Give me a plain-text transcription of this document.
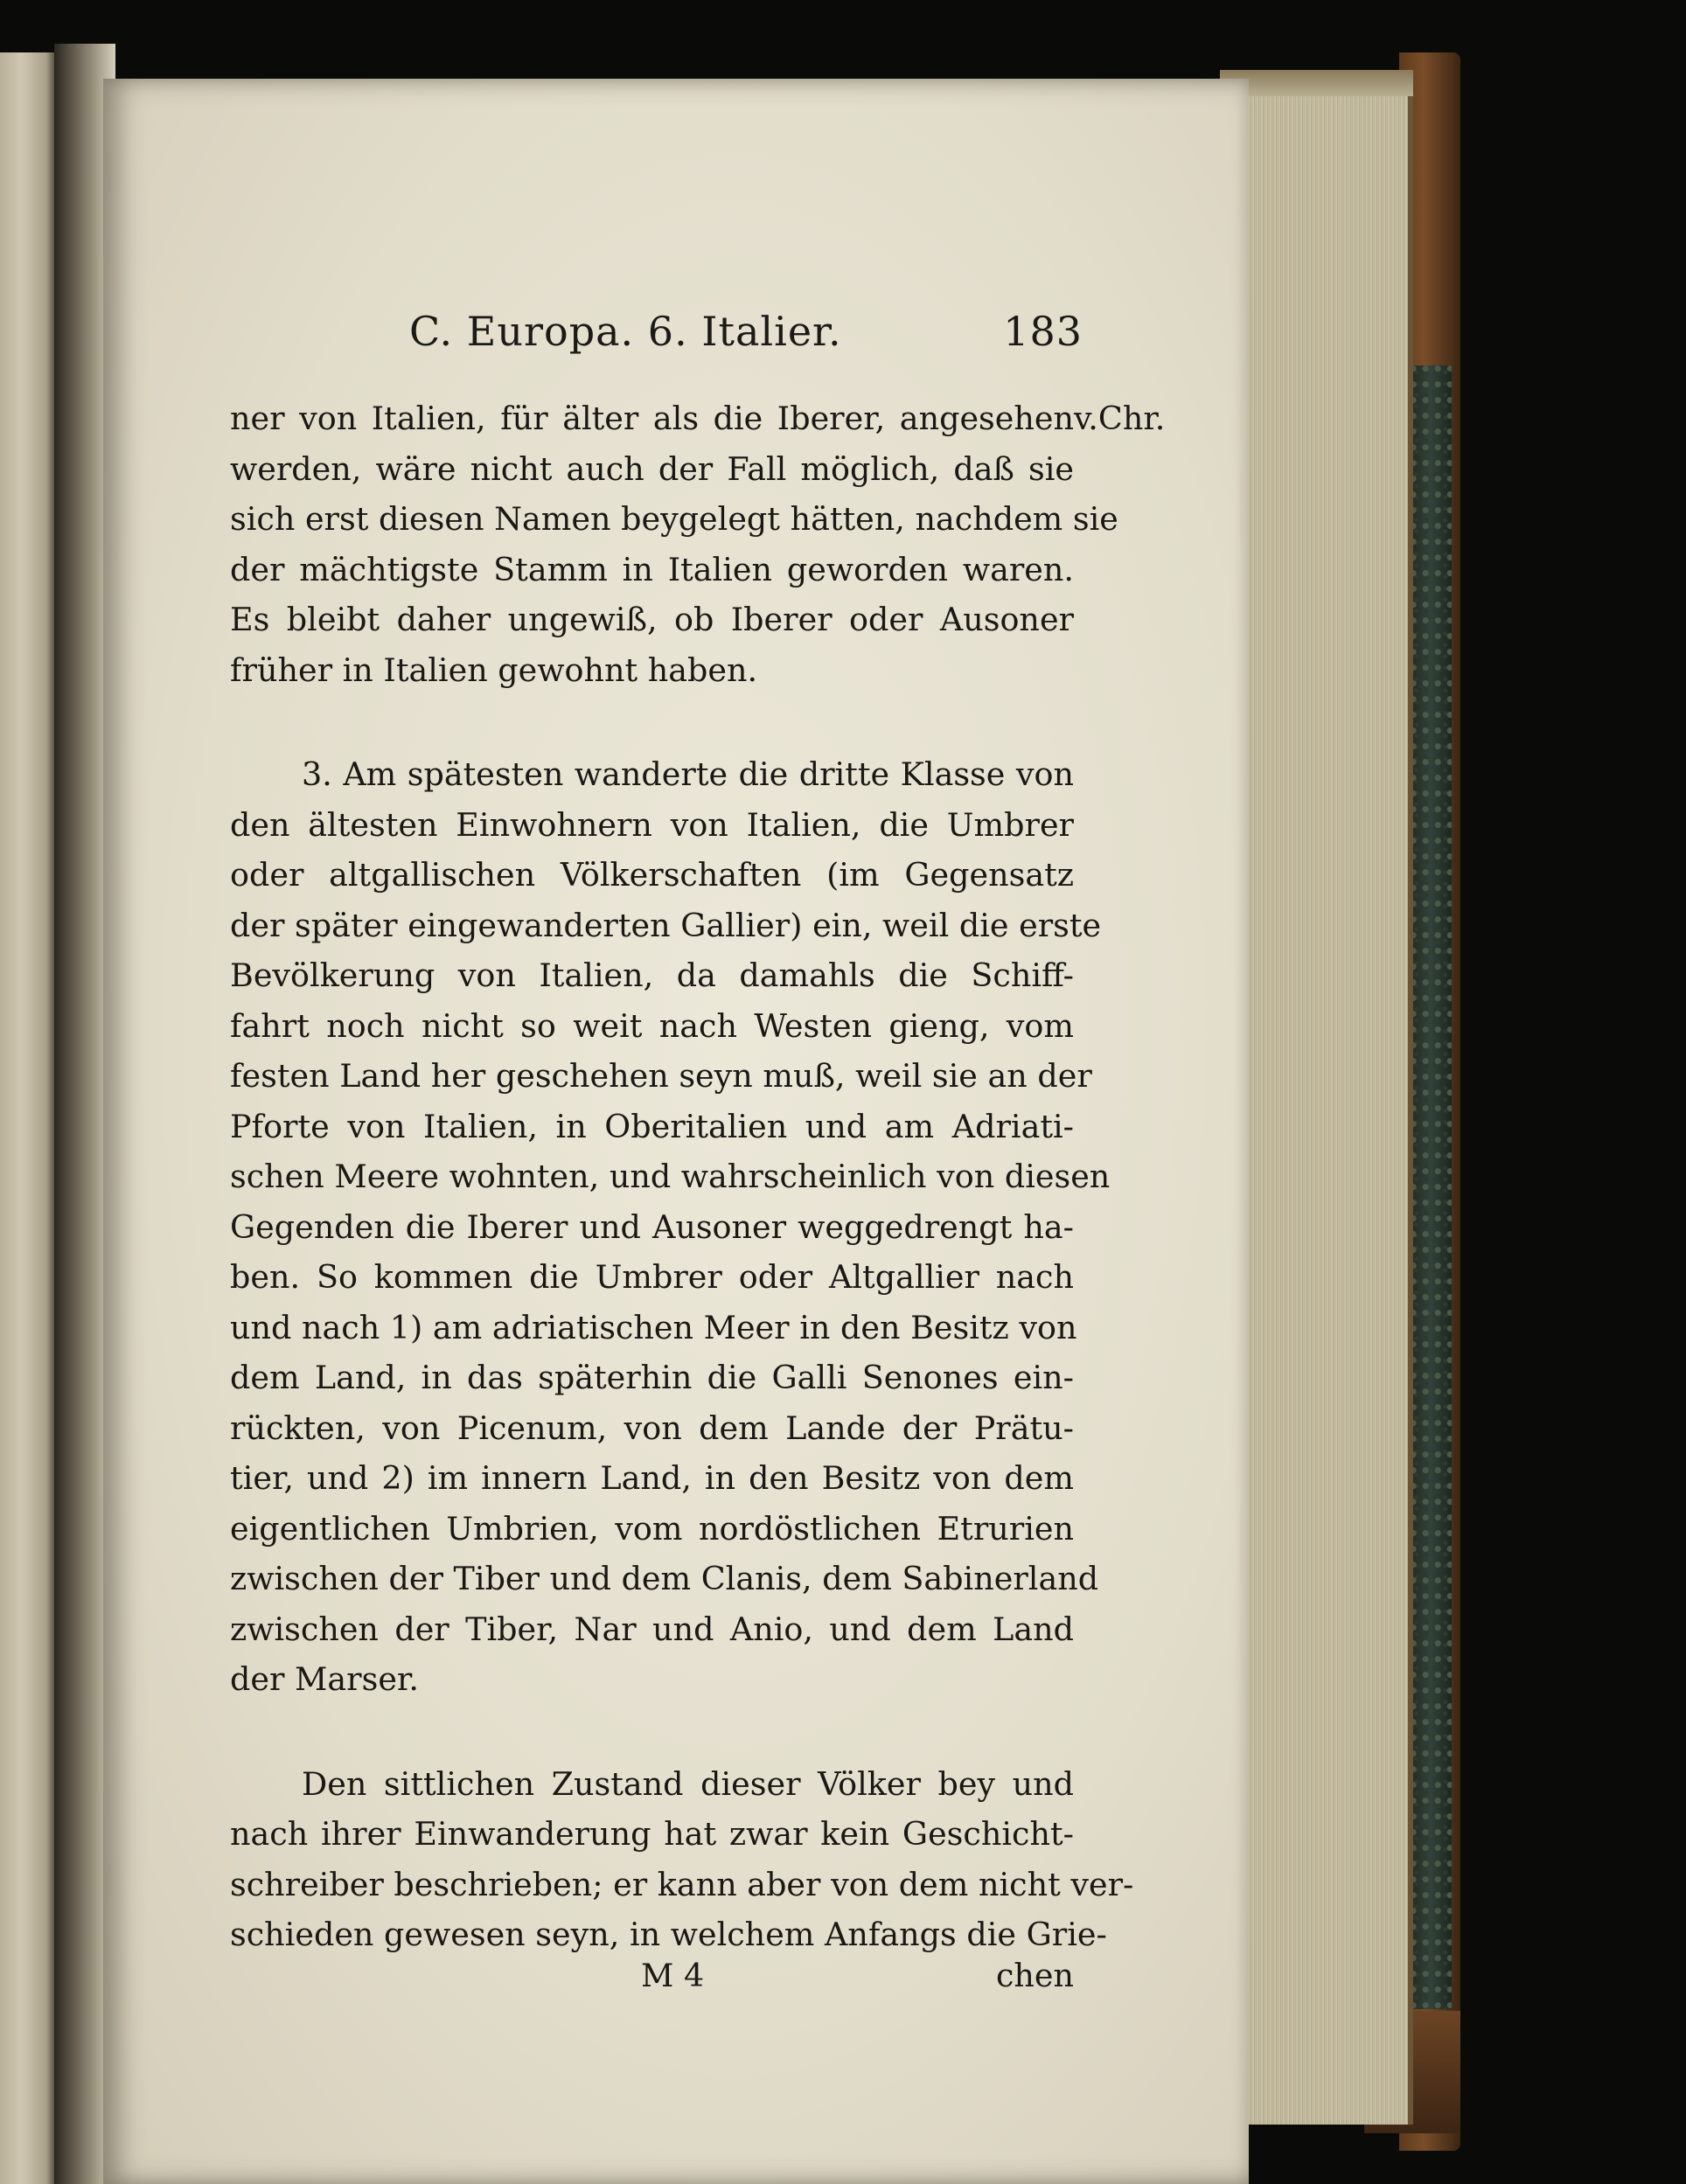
C. Europa. 6. Italier.	183
v.Chr.
ner von Italien, für älter als die Iberer, angesehen
werden, wäre nicht auch der Fall möglich, daß sie
sich erst diesen Namen beygelegt hätten, nachdem sie
der mächtigste Stamm in Italien geworden waren.
Es bleibt daher ungewiß, ob Iberer oder Ausoner
früher in Italien gewohnt haben.
3. Am spätesten wanderte die dritte Klasse von
den ältesten Einwohnern von Italien, die Umbrer
oder altgallischen Völkerschaften (im Gegensatz
der später eingewanderten Gallier) ein, weil die erste
Bevölkerung von Italien, da damahls die Schiff-
fahrt noch nicht so weit nach Westen gieng, vom
festen Land her geschehen seyn muß, weil sie an der
Pforte von Italien, in Oberitalien und am Adriati-
schen Meere wohnten, und wahrscheinlich von diesen
Gegenden die Iberer und Ausoner weggedrengt ha-
ben. So kommen die Umbrer oder Altgallier nach
und nach 1) am adriatischen Meer in den Besitz von
dem Land, in das späterhin die Galli Senones ein-
rückten, von Picenum, von dem Lande der Prätu-
tier, und 2) im innern Land, in den Besitz von dem
eigentlichen Umbrien, vom nordöstlichen Etrurien
zwischen der Tiber und dem Clanis, dem Sabinerland
zwischen der Tiber, Nar und Anio, und dem Land
der Marser.
Den sittlichen Zustand dieser Völker bey und
nach ihrer Einwanderung hat zwar kein Geschicht-
schreiber beschrieben; er kann aber von dem nicht ver-
schieden gewesen seyn, in welchem Anfangs die Grie-
M 4	chen
